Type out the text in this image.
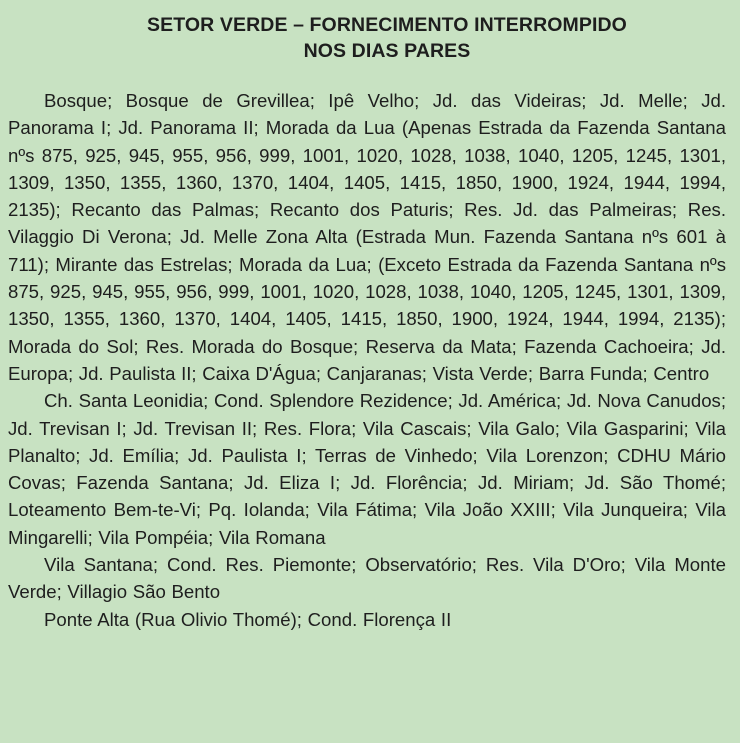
SETOR VERDE – FORNECIMENTO INTERROMPIDO
NOS DIAS PARES

Bosque; Bosque de Grevillea; Ipê Velho; Jd. das Videiras; Jd. Melle; Jd. Panorama I; Jd. Panorama II; Morada da Lua (Apenas Estrada da Fazenda Santana nºs 875, 925, 945, 955, 956, 999, 1001, 1020, 1028, 1038, 1040, 1205, 1245, 1301, 1309, 1350, 1355, 1360, 1370, 1404, 1405, 1415, 1850, 1900, 1924, 1944, 1994, 2135); Recanto das Palmas; Recanto dos Paturis; Res. Jd. das Palmeiras; Res. Vilaggio Di Verona; Jd. Melle Zona Alta (Estrada Mun. Fazenda Santana nºs 601 à 711); Mirante das Estrelas; Morada da Lua; (Exceto Estrada da Fazenda Santana nºs 875, 925, 945, 955, 956, 999, 1001, 1020, 1028, 1038, 1040, 1205, 1245, 1301, 1309, 1350, 1355, 1360, 1370, 1404, 1405, 1415, 1850, 1900, 1924, 1944, 1994, 2135); Morada do Sol; Res. Morada do Bosque; Reserva da Mata; Fazenda Cachoeira; Jd. Europa; Jd. Paulista II; Caixa D'Água; Canjaranas; Vista Verde; Barra Funda; Centro

Ch. Santa Leonidia; Cond. Splendore Rezidence; Jd. América; Jd. Nova Canudos; Jd. Trevisan I; Jd. Trevisan II; Res. Flora; Vila Cascais; Vila Galo; Vila Gasparini; Vila Planalto; Jd. Emília; Jd. Paulista I; Terras de Vinhedo; Vila Lorenzon; CDHU Mário Covas; Fazenda Santana; Jd. Eliza I; Jd. Florência; Jd. Miriam; Jd. São Thomé; Loteamento Bem-te-Vi; Pq. Iolanda; Vila Fátima; Vila João XXIII; Vila Junqueira; Vila Mingarelli; Vila Pompéia; Vila Romana

Vila Santana; Cond. Res. Piemonte; Observatório; Res. Vila D'Oro; Vila Monte Verde; Villagio São Bento

Ponte Alta (Rua Olivio Thomé); Cond. Florença II
